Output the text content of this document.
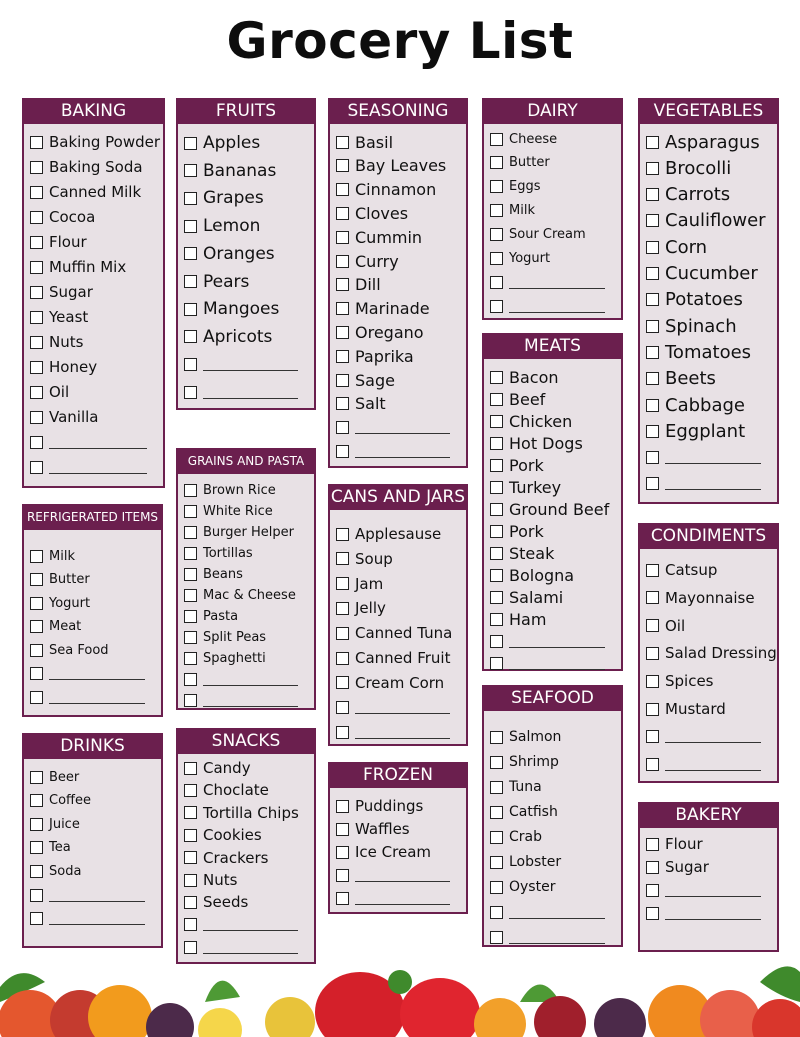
Grocery List
BAKING
Baking Powder
Baking Soda
Canned Milk
Cocoa
Flour
Muffin Mix
Sugar
Yeast
Nuts
Honey
Oil
Vanilla
FRUITS
Apples
Bananas
Grapes
Lemon
Oranges
Pears
Mangoes
Apricots
SEASONING
Basil
Bay Leaves
Cinnamon
Cloves
Cummin
Curry
Dill
Marinade
Oregano
Paprika
Sage
Salt
DAIRY
Cheese
Butter
Eggs
Milk
Sour Cream
Yogurt
VEGETABLES
Asparagus
Brocolli
Carrots
Cauliflower
Corn
Cucumber
Potatoes
Spinach
Tomatoes
Beets
Cabbage
Eggplant
MEATS
Bacon
Beef
Chicken
Hot Dogs
Pork
Turkey
Ground Beef
Pork
Steak
Bologna
Salami
Ham
GRAINS AND PASTA
Brown Rice
White Rice
Burger Helper
Tortillas
Beans
Mac & Cheese
Pasta
Split Peas
Spaghetti
CANS AND JARS
Applesause
Soup
Jam
Jelly
Canned Tuna
Canned Fruit
Cream Corn
REFRIGERATED ITEMS
Milk
Butter
Yogurt
Meat
Sea Food
CONDIMENTS
Catsup
Mayonnaise
Oil
Salad Dressing
Spices
Mustard
SEAFOOD
Salmon
Shrimp
Tuna
Catfish
Crab
Lobster
Oyster
DRINKS
Beer
Coffee
Juice
Tea
Soda
SNACKS
Candy
Choclate
Tortilla Chips
Cookies
Crackers
Nuts
Seeds
FROZEN
Puddings
Waffles
Ice Cream
BAKERY
Flour
Sugar
